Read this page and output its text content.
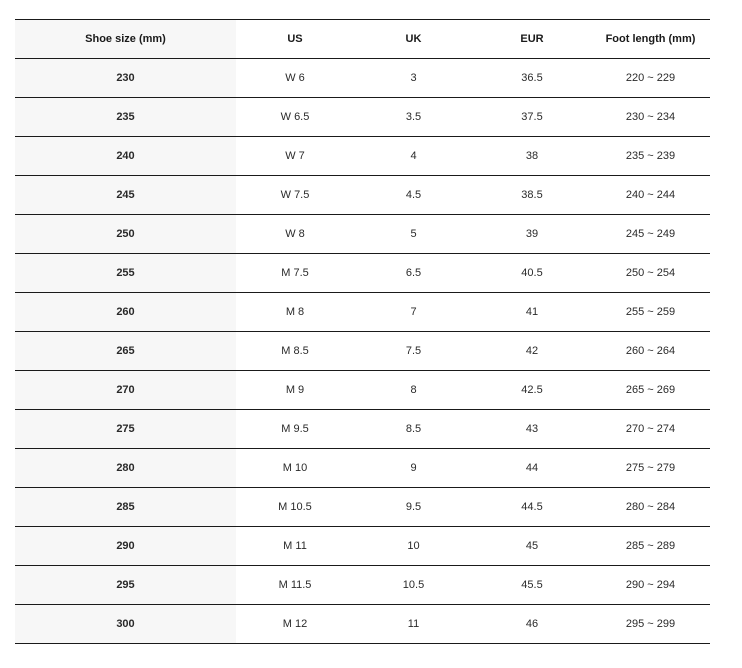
Shoe size (mm)	US	UK	EUR	Foot length (mm)
230	W 6	3	36.5	220 ~ 229
235	W 6.5	3.5	37.5	230 ~ 234
240	W 7	4	38	235 ~ 239
245	W 7.5	4.5	38.5	240 ~ 244
250	W 8	5	39	245 ~ 249
255	M 7.5	6.5	40.5	250 ~ 254
260	M 8	7	41	255 ~ 259
265	M 8.5	7.5	42	260 ~ 264
270	M 9	8	42.5	265 ~ 269
275	M 9.5	8.5	43	270 ~ 274
280	M 10	9	44	275 ~ 279
285	M 10.5	9.5	44.5	280 ~ 284
290	M 11	10	45	285 ~ 289
295	M 11.5	10.5	45.5	290 ~ 294
300	M 12	11	46	295 ~ 299
